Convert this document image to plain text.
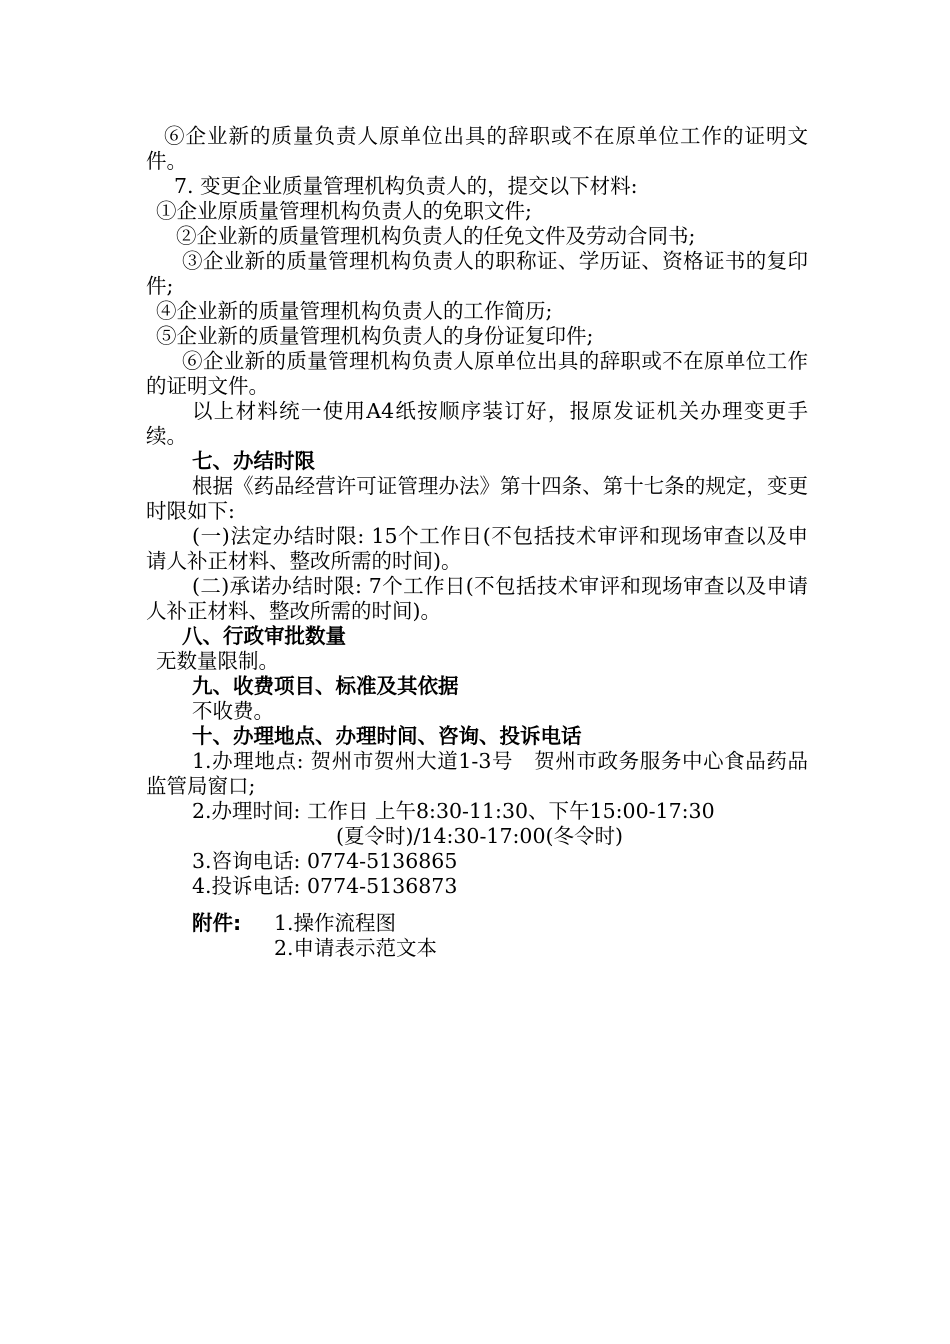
⑥企业新的质量负责人原单位出具的辞职或不在原单位工作的证明文件。

7. 变更企业质量管理机构负责人的，提交以下材料:

①企业原质量管理机构负责人的免职文件;

②企业新的质量管理机构负责人的任免文件及劳动合同书;

③企业新的质量管理机构负责人的职称证、学历证、资格证书的复印件;

④企业新的质量管理机构负责人的工作简历;

⑤企业新的质量管理机构负责人的身份证复印件;

⑥企业新的质量管理机构负责人原单位出具的辞职或不在原单位工作的证明文件。

以上材料统一使用A4纸按顺序装订好，报原发证机关办理变更手续。

七、办结时限

根据《药品经营许可证管理办法》第十四条、第十七条的规定，变更时限如下:

(一)法定办结时限: 15个工作日(不包括技术审评和现场审查以及申请人补正材料、整改所需的时间)。

(二)承诺办结时限: 7个工作日(不包括技术审评和现场审查以及申请人补正材料、整改所需的时间)。

八、行政审批数量

无数量限制。

九、收费项目、标准及其依据

不收费。

十、办理地点、办理时间、咨询、投诉电话

1.办理地点: 贺州市贺州大道1-3号　贺州市政务服务中心食品药品监管局窗口;

2.办理时间: 工作日 上午8:30-11:30、下午15:00-17:30

(夏令时)/14:30-17:00(冬令时)

3.咨询电话: 0774-5136865

4.投诉电话: 0774-5136873

附件:	1.操作流程图

2.申请表示范文本
